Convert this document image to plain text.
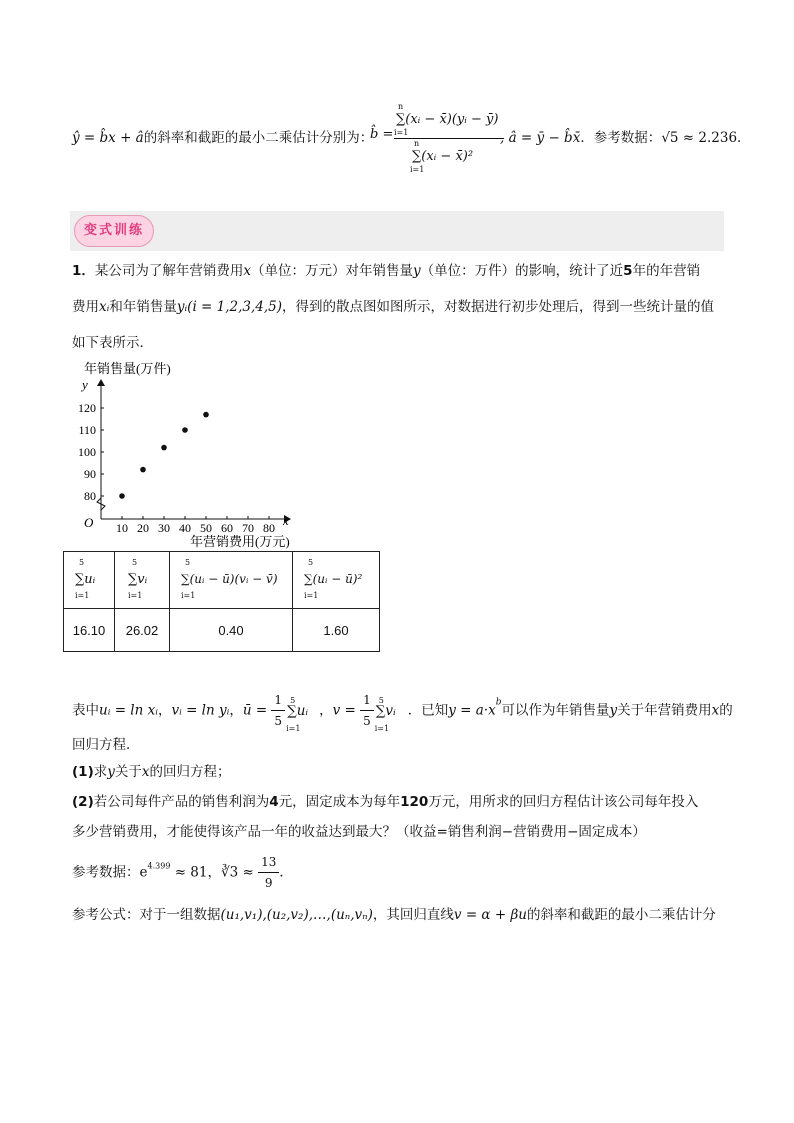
ŷ = b̂x + â的斜率和截距的最小二乘估计分别为：
b̂ =
n
∑(xᵢ − x̄)(yᵢ − ȳ)
i=1
n
∑(xᵢ − x̄)²
i=1
, â = ȳ − b̂x̄．参考数据：√5 ≈ 2.236．
变式训练
1．某公司为了解年营销费用x（单位：万元）对年销售量y（单位：万件）的影响，统计了近5年的年营销
费用xᵢ和年销售量yᵢ(i = 1,2,3,4,5)，得到的散点图如图所示，对数据进行初步处理后，得到一些统计量的值
如下表所示．
年销售量(万件)
y
O	x
10 20 30 40 50 60 70 80
80
90
100
110
120
年营销费用(万元)
5
∑uᵢ
i=1	5
∑vᵢ
i=1	5
∑(uᵢ − ū)(vᵢ − v̄)
i=1	5
∑(uᵢ − ū)²
i=1

16.10	26.02	0.40	1.60
表中uᵢ = ln xᵢ，vᵢ = ln yᵢ，ū = $\frac{1}{5} 5$
∑uᵢ
i=1
，$v = \frac{1}{5} 5$
∑vᵢ
i=1
．已知$y = a\cdot x^b$可以作为年销售量y关于年营销费用x的
回归方程．
(1)求y关于x的回归方程；
(2)若公司每件产品的销售利润为4元，固定成本为每年120万元，用所求的回归方程估计该公司每年投入
多少营销费用，才能使得该产品一年的收益达到最大？（收益=销售利润−营销费用−固定成本）
参考数据：$e^{4.399} \approx 81$，∛3 ≈ $\frac{13}{9}$ ．
参考公式：对于一组数据(u₁,v₁),(u₂,v₂),…,(uₙ,vₙ)，其回归直线v = α + βu的斜率和截距的最小二乘估计分
